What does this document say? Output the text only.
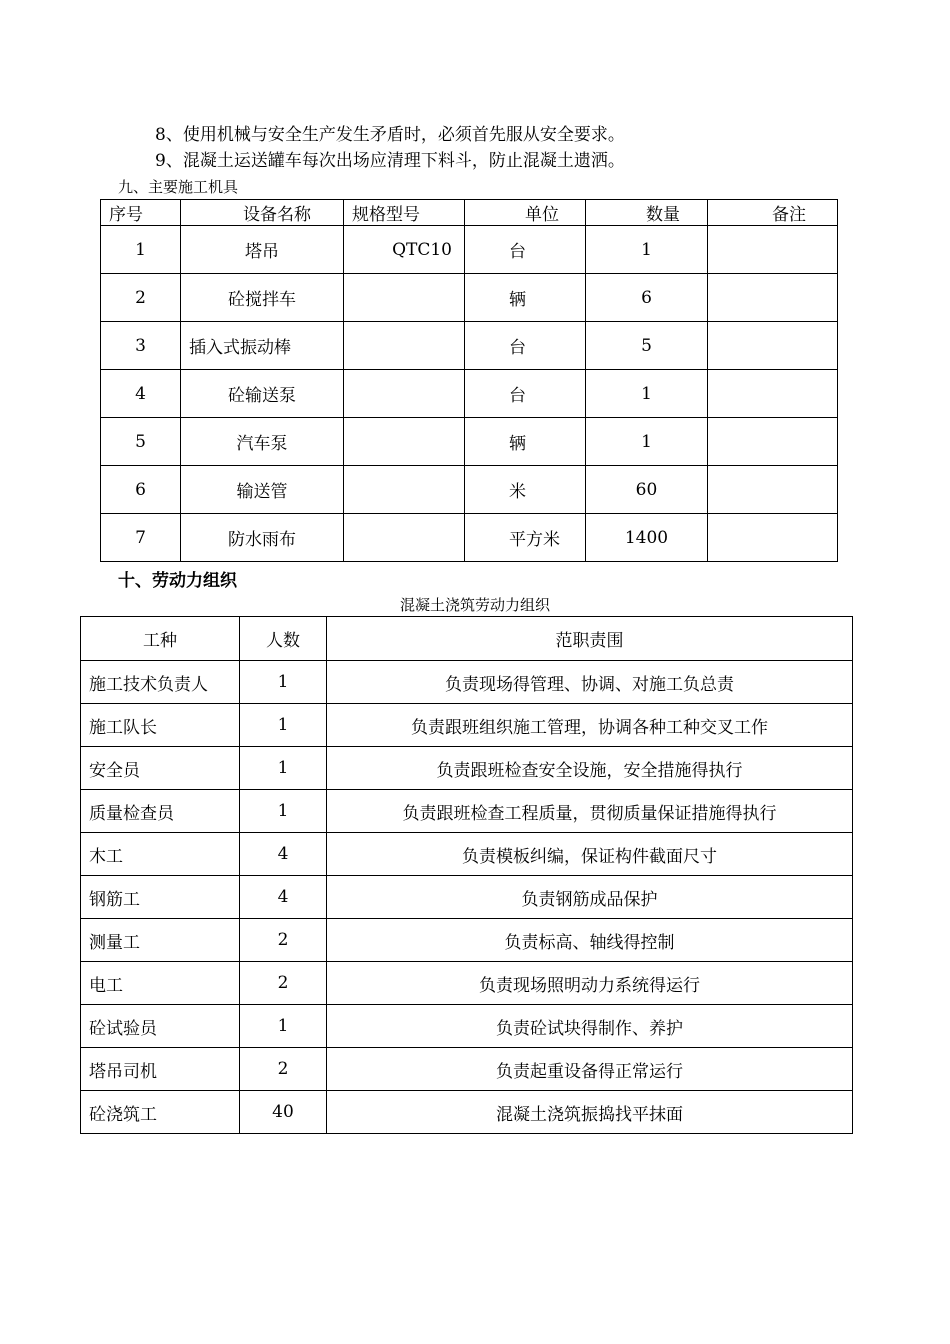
8、使用机械与安全生产发生矛盾时，必须首先服从安全要求。
9、混凝土运送罐车每次出场应清理下料斗，防止混凝土遗洒。
九、主要施工机具
序号	设备名称	规格型号	单位	数量	备注
1	塔吊	QTC10	台	1	
2	砼搅拌车		辆	6	
3	插入式振动棒		台	5	
4	砼输送泵		台	1	
5	汽车泵		辆	1	
6	输送管		米	60	
7	防水雨布		平方米	1400	
十、劳动力组织
混凝土浇筑劳动力组织
工种	人数	范职责围
施工技术负责人	1	负责现场得管理、协调、对施工负总责
施工队长	1	负责跟班组织施工管理，协调各种工种交叉工作
安全员	1	负责跟班检查安全设施，安全措施得执行
质量检查员	1	负责跟班检查工程质量，贯彻质量保证措施得执行
木工	4	负责模板纠编，保证构件截面尺寸
钢筋工	4	负责钢筋成品保护
测量工	2	负责标高、轴线得控制
电工	2	负责现场照明动力系统得运行
砼试验员	1	负责砼试块得制作、养护
塔吊司机	2	负责起重设备得正常运行
砼浇筑工	40	混凝土浇筑振捣找平抹面
